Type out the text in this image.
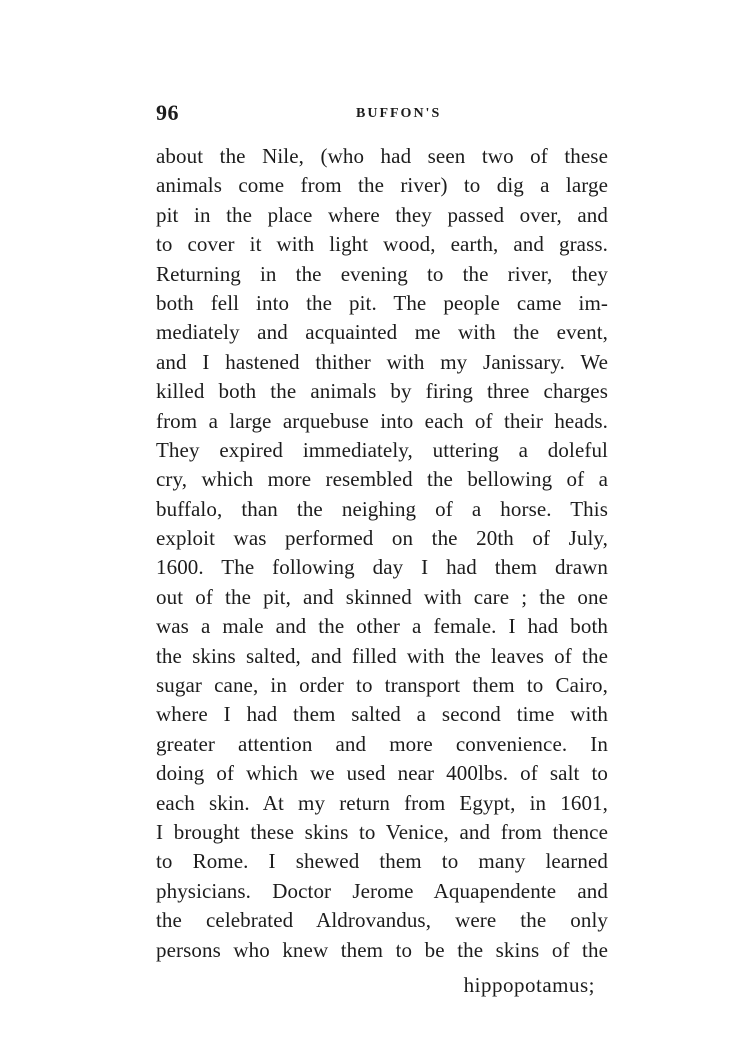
96	BUFFON'S
about the Nile, (who had seen two of these
animals come from the river) to dig a large
pit in the place where they passed over, and
to cover it with light wood, earth, and grass.
Returning in the evening to the river, they
both fell into the pit. The people came im-
mediately and acquainted me with the event,
and I hastened thither with my Janissary. We
killed both the animals by firing three charges
from a large arquebuse into each of their heads.
They expired immediately, uttering a doleful
cry, which more resembled the bellowing of a
buffalo, than the neighing of a horse. This
exploit was performed on the 20th of July,
1600. The following day I had them drawn
out of the pit, and skinned with care ; the one
was a male and the other a female. I had both
the skins salted, and filled with the leaves of the
sugar cane, in order to transport them to Cairo,
where I had them salted a second time with
greater attention and more convenience. In
doing of which we used near 400lbs. of salt to
each skin. At my return from Egypt, in 1601,
I brought these skins to Venice, and from thence
to Rome. I shewed them to many learned
physicians. Doctor Jerome Aquapendente and
the celebrated Aldrovandus, were the only
persons who knew them to be the skins of the
hippopotamus;
